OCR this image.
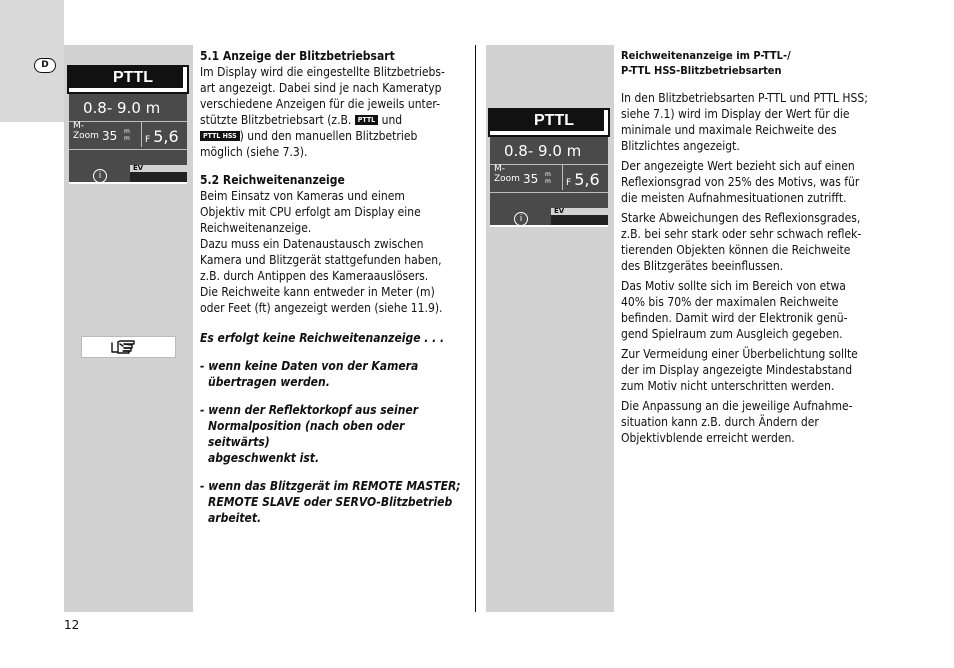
D
PTTL
0.8- 9.0 m
M-
Zoom 35 m
m F 5,6
i
EV
PTTL
0.8- 9.0 m
M-
Zoom 35 m
m F 5,6
i
EV
5.1 Anzeige der Blitzbetriebsart

Im Display wird die eingestellte Blitzbetriebs-

art angezeigt. Dabei sind je nach Kameratyp

verschiedene Anzeigen für die jeweils unter-

stützte Blitzbetriebsart (z.B. PTTL und

PTTL HSS ) und den manuellen Blitzbetrieb

möglich (siehe 7.3).

5.2 Reichweitenanzeige

Beim Einsatz von Kameras und einem

Objektiv mit CPU erfolgt am Display eine

Reichweitenanzeige.

Dazu muss ein Datenaustausch zwischen

Kamera und Blitzgerät stattgefunden haben,

z.B. durch Antippen des Kameraauslösers.

Die Reichweite kann entweder in Meter (m)

oder Feet (ft) angezeigt werden (siehe 11.9).

Es erfolgt keine Reichweitenanzeige . . .

- wenn keine Daten von der Kamera
übertragen werden.

- wenn der Reflektorkopf aus seiner
Normalposition (nach oben oder seitwärts)
abgeschwenkt ist.

- wenn das Blitzgerät im REMOTE MASTER;
REMOTE SLAVE oder SERVO-Blitzbetrieb
arbeitet.

Reichweitenanzeige im P-TTL-/
P-TTL HSS-Blitzbetriebsarten

In den Blitzbetriebsarten P-TTL und PTTL HSS;
siehe 7.1) wird im Display der Wert für die
minimale und maximale Reichweite des
Blitzlichtes angezeigt.

Der angezeigte Wert bezieht sich auf einen
Reflexionsgrad von 25% des Motivs, was für
die meisten Aufnahmesituationen zutrifft.

Starke Abweichungen des Reflexionsgrades,
z.B. bei sehr stark oder sehr schwach reflek-
tierenden Objekten können die Reichweite
des Blitzgerätes beeinflussen.

Das Motiv sollte sich im Bereich von etwa
40% bis 70% der maximalen Reichweite
befinden. Damit wird der Elektronik genü-
gend Spielraum zum Ausgleich gegeben.

Zur Vermeidung einer Überbelichtung sollte
der im Display angezeigte Mindestabstand
zum Motiv nicht unterschritten werden.

Die Anpassung an die jeweilige Aufnahme-
situation kann z.B. durch Ändern der
Objektivblende erreicht werden.

12
